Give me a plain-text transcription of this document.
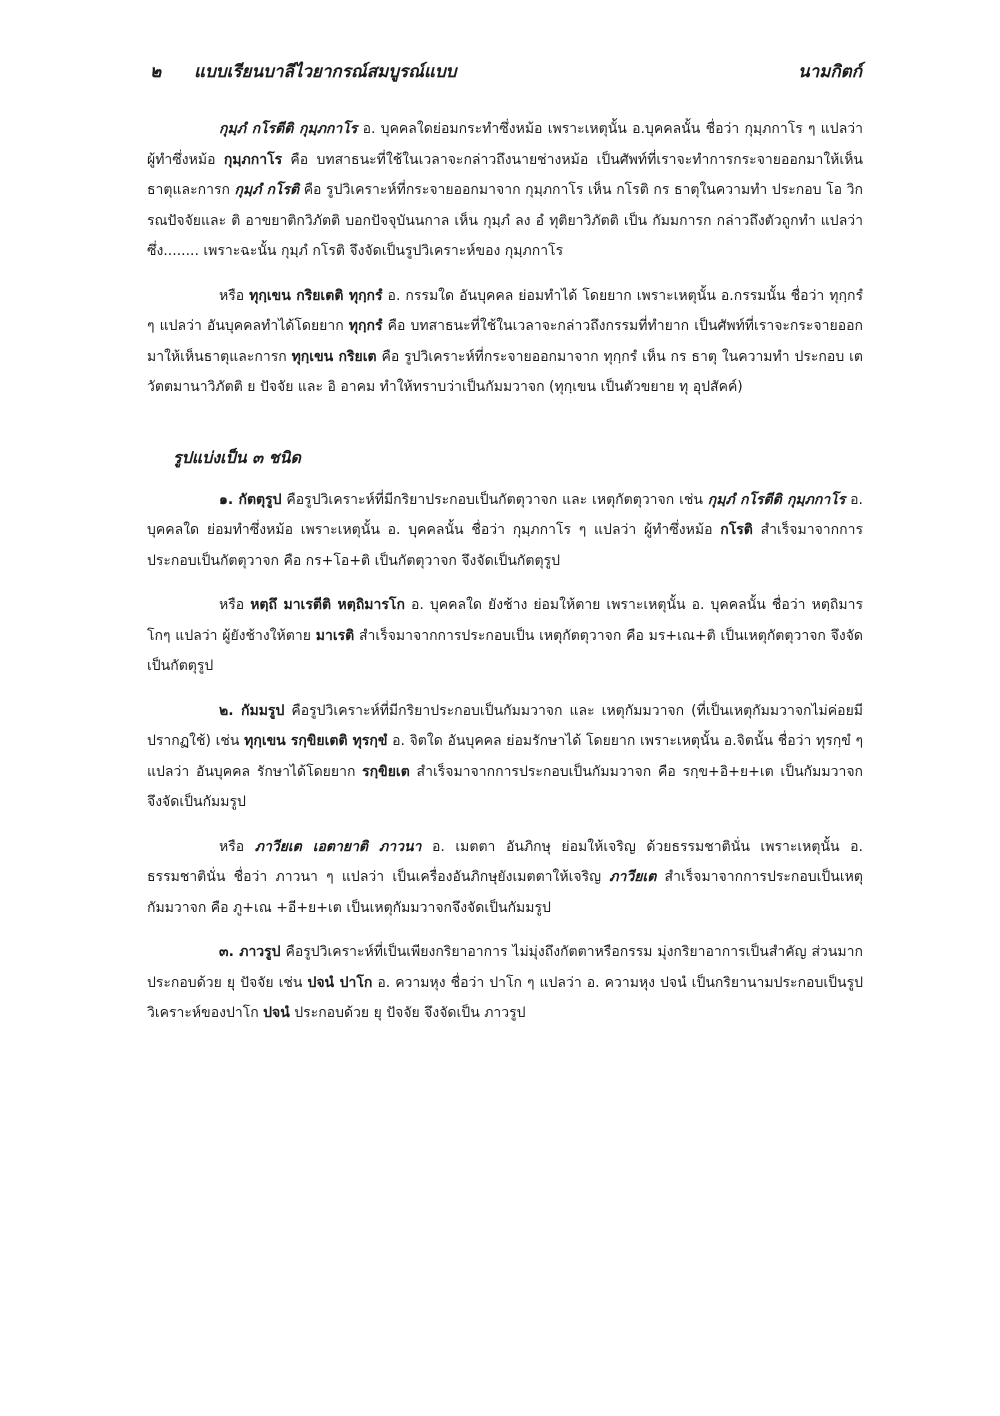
๒ แบบเรียนบาลีไวยากรณ์สมบูรณ์แบบ	นามกิตก์

กุมฺภํ กโรตีติ กุมฺภกาโร อ. บุคคลใดย่อมกระทำซึ่งหม้อ เพราะเหตุนั้น อ.บุคคลนั้น ชื่อว่า กุมฺภกาโร ๆ แปลว่า ผู้ทำซึ่งหม้อ กุมฺภกาโร คือ บทสาธนะที่ใช้ในเวลาจะกล่าวถึงนายช่างหม้อ เป็นศัพท์ที่เราจะทำการกระจายออกมาให้เห็นธาตุและการก กุมฺภํ กโรติ คือ รูปวิเคราะห์ที่กระจายออกมาจาก กุมฺภกาโร เห็น กโรติ กร ธาตุในความทำ ประกอบ โอ วิกรณปัจจัยและ ติ อาขยาติกวิภัตติ บอกปัจจุบันนกาล เห็น กุมฺภํ ลง อํ ทุติยาวิภัตติ เป็น กัมมการก กล่าวถึงตัวถูกทำ แปลว่า ซึ่ง........ เพราะฉะนั้น กุมฺภํ กโรติ จึงจัดเป็นรูปวิเคราะห์ของ กุมฺภกาโร

หรือ ทุกฺเขน กริยเตติ ทุกฺกรํ อ. กรรมใด อันบุคคล ย่อมทำได้ โดยยาก เพราะเหตุนั้น อ.กรรมนั้น ชื่อว่า ทุกฺกรํ ๆ แปลว่า อันบุคคลทำได้โดยยาก ทุกฺกรํ คือ บทสาธนะที่ใช้ในเวลาจะกล่าวถึงกรรมที่ทำยาก เป็นศัพท์ที่เราจะกระจายออกมาให้เห็นธาตุและการก ทุกฺเขน กริยเต คือ รูปวิเคราะห์ที่กระจายออกมาจาก ทุกฺกรํ เห็น กร ธาตุ ในความทำ ประกอบ เต วัตตมานาวิภัตติ ย ปัจจัย และ อิ อาคม ทำให้ทราบว่าเป็นกัมมวาจก (ทุกฺเขน เป็นตัวขยาย ทุ อุปสัคค์)

รูปแบ่งเป็น ๓ ชนิด

๑. กัตตุรูป คือรูปวิเคราะห์ที่มีกริยาประกอบเป็นกัตตุวาจก และ เหตุกัตตุวาจก เช่น กุมฺภํ กโรตีติ กุมฺภกาโร อ. บุคคลใด ย่อมทำซึ่งหม้อ เพราะเหตุนั้น อ. บุคคลนั้น ชื่อว่า กุมฺภกาโร ๆ แปลว่า ผู้ทำซึ่งหม้อ กโรติ สำเร็จมาจากการประกอบเป็นกัตตุวาจก คือ กร+โอ+ติ เป็นกัตตุวาจก จึงจัดเป็นกัตตุรูป

หรือ หตฺถึ มาเรตีติ หตฺถิมารโก อ. บุคคลใด ยังช้าง ย่อมให้ตาย เพราะเหตุนั้น อ. บุคคลนั้น ชื่อว่า หตฺถิมารโกๆ แปลว่า ผู้ยังช้างให้ตาย มาเรติ สำเร็จมาจากการประกอบเป็น เหตุกัตตุวาจก คือ มร+เณ+ติ เป็นเหตุกัตตุวาจก จึงจัดเป็นกัตตุรูป

๒. กัมมรูป คือรูปวิเคราะห์ที่มีกริยาประกอบเป็นกัมมวาจก และ เหตุกัมมวาจก (ที่เป็นเหตุกัมมวาจกไม่ค่อยมีปรากฏใช้) เช่น ทุกฺเขน รกฺขิยเตติ ทุรกฺขํ อ. จิตใด อันบุคคล ย่อมรักษาได้ โดยยาก เพราะเหตุนั้น อ.จิตนั้น ชื่อว่า ทุรกฺขํ ๆ แปลว่า อันบุคคล รักษาได้โดยยาก รกฺขิยเต สำเร็จมาจากการประกอบเป็นกัมมวาจก คือ รกฺข+อิ+ย+เต เป็นกัมมวาจก จึงจัดเป็นกัมมรูป

หรือ ภาวียเต เอตายาติ ภาวนา อ. เมตตา อันภิกษุ ย่อมให้เจริญ ด้วยธรรมชาตินั่น เพราะเหตุนั้น อ. ธรรมชาตินั่น ชื่อว่า ภาวนา ๆ แปลว่า เป็นเครื่องอันภิกษุยังเมตตาให้เจริญ ภาวียเต สำเร็จมาจากการประกอบเป็นเหตุกัมมวาจก คือ ภู+เณ +อี+ย+เต เป็นเหตุกัมมวาจกจึงจัดเป็นกัมมรูป

๓. ภาวรูป คือรูปวิเคราะห์ที่เป็นเพียงกริยาอาการ ไม่มุ่งถึงกัตตาหรือกรรม มุ่งกริยาอาการเป็นสำคัญ ส่วนมากประกอบด้วย ยุ ปัจจัย เช่น ปจนํ ปาโก อ. ความหุง ชื่อว่า ปาโก ๆ แปลว่า อ. ความหุง ปจนํ เป็นกริยานามประกอบเป็นรูปวิเคราะห์ของปาโก ปจนํ ประกอบด้วย ยุ ปัจจัย จึงจัดเป็น ภาวรูป
